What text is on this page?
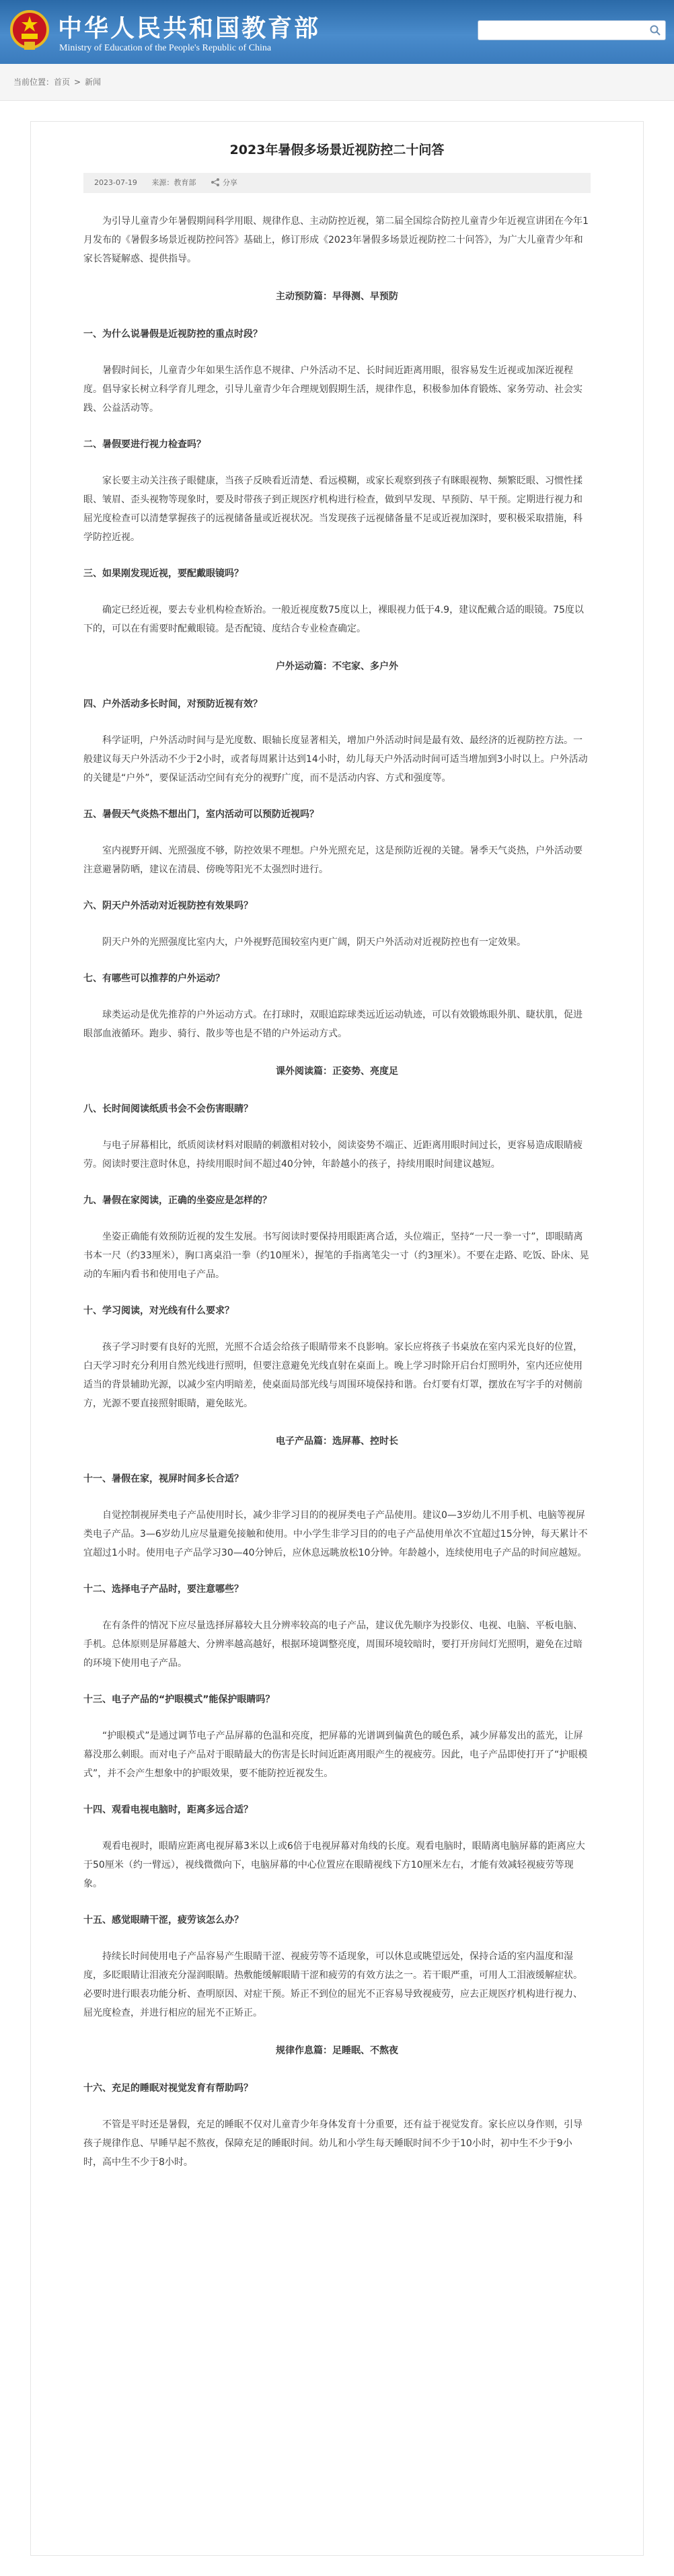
中华人民共和国教育部
Ministry of Education of the People's Republic of China
当前位置：首页 > 新闻
2023年暑假多场景近视防控二十问答
2023-07-19 来源：教育部	分享

为引导儿童青少年暑假期间科学用眼、规律作息、主动防控近视，第二届全国综合防控儿童青少年近视宣讲团在今年1月发布的《暑假多场景近视防控问答》基础上，修订形成《2023年暑假多场景近视防控二十问答》，为广大儿童青少年和家长答疑解惑、提供指导。

主动预防篇：早得测、早预防

一、为什么说暑假是近视防控的重点时段？

暑假时间长，儿童青少年如果生活作息不规律、户外活动不足、长时间近距离用眼，很容易发生近视或加深近视程度。倡导家长树立科学育儿理念，引导儿童青少年合理规划假期生活，规律作息，积极参加体育锻炼、家务劳动、社会实践、公益活动等。

二、暑假要进行视力检查吗？

家长要主动关注孩子眼健康，当孩子反映看近清楚、看远模糊，或家长观察到孩子有眯眼视物、频繁眨眼、习惯性揉眼、皱眉、歪头视物等现象时，要及时带孩子到正规医疗机构进行检查，做到早发现、早预防、早干预。定期进行视力和屈光度检查可以清楚掌握孩子的远视储备量或近视状况。当发现孩子远视储备量不足或近视加深时，要积极采取措施，科学防控近视。

三、如果刚发现近视，要配戴眼镜吗？

确定已经近视，要去专业机构检查矫治。一般近视度数75度以上，裸眼视力低于4.9，建议配戴合适的眼镜。75度以下的，可以在有需要时配戴眼镜。是否配镜、度结合专业检查确定。

户外运动篇：不宅家、多户外

四、户外活动多长时间，对预防近视有效？

科学证明，户外活动时间与是光度数、眼轴长度显著相关，增加户外活动时间是最有效、最经济的近视防控方法。一般建议每天户外活动不少于2小时，或者每周累计达到14小时，幼儿每天户外活动时间可适当增加到3小时以上。户外活动的关键是“户外”，要保证活动空间有充分的视野广度，而不是活动内容、方式和强度等。

五、暑假天气炎热不想出门，室内活动可以预防近视吗？

室内视野开阔、光照强度不够，防控效果不理想。户外光照充足，这是预防近视的关键。暑季天气炎热，户外活动要注意避暑防晒，建议在清晨、傍晚等阳光不太强烈时进行。

六、阴天户外活动对近视防控有效果吗？

阴天户外的光照强度比室内大，户外视野范围较室内更广阔，阴天户外活动对近视防控也有一定效果。

七、有哪些可以推荐的户外运动？

球类运动是优先推荐的户外运动方式。在打球时，双眼追踪球类远近运动轨迹，可以有效锻炼眼外肌、睫状肌，促进眼部血液循环。跑步、骑行、散步等也是不错的户外运动方式。

课外阅读篇：正姿势、亮度足

八、长时间阅读纸质书会不会伤害眼睛？

与电子屏幕相比，纸质阅读材料对眼睛的刺激相对较小，阅读姿势不端正、近距离用眼时间过长，更容易造成眼睛疲劳。阅读时要注意时休息，持续用眼时间不超过40分钟，年龄越小的孩子，持续用眼时间建议越短。

九、暑假在家阅读，正确的坐姿应是怎样的？

坐姿正确能有效预防近视的发生发展。书写阅读时要保持用眼距离合适，头位端正，坚持“一尺一拳一寸”，即眼睛离书本一尺（约33厘米），胸口离桌沿一拳（约10厘米），握笔的手指离笔尖一寸（约3厘米）。不要在走路、吃饭、卧床、晃动的车厢内看书和使用电子产品。

十、学习阅读，对光线有什么要求？

孩子学习时要有良好的光照，光照不合适会给孩子眼睛带来不良影响。家长应将孩子书桌放在室内采光良好的位置，白天学习时充分利用自然光线进行照明，但要注意避免光线直射在桌面上。晚上学习时除开启台灯照明外，室内还应使用适当的背景辅助光源，以减少室内明暗差，使桌面局部光线与周围环境保持和谐。台灯要有灯罩，摆放在写字手的对侧前方，光源不要直接照射眼睛，避免眩光。

电子产品篇：选屏幕、控时长

十一、暑假在家，视屏时间多长合适？

自觉控制视屏类电子产品使用时长，减少非学习目的的视屏类电子产品使用。建议0—3岁幼儿不用手机、电脑等视屏类电子产品。3—6岁幼儿应尽量避免接触和使用。中小学生非学习目的的电子产品使用单次不宜超过15分钟，每天累计不宜超过1小时。使用电子产品学习30—40分钟后，应休息远眺放松10分钟。年龄越小，连续使用电子产品的时间应越短。

十二、选择电子产品时，要注意哪些？

在有条件的情况下应尽量选择屏幕较大且分辨率较高的电子产品，建议优先顺序为投影仪、电视、电脑、平板电脑、手机。总体原则是屏幕越大、分辨率越高越好，根据环境调整亮度，周围环境较暗时，要打开房间灯光照明，避免在过暗的环境下使用电子产品。

十三、电子产品的“护眼模式”能保护眼睛吗？

“护眼模式”是通过调节电子产品屏幕的色温和亮度，把屏幕的光谱调到偏黄色的暖色系，减少屏幕发出的蓝光，让屏幕没那么刺眼。而对电子产品对于眼睛最大的伤害是长时间近距离用眼产生的视疲劳。因此，电子产品即使打开了“护眼模式”，并不会产生想象中的护眼效果，要不能防控近视发生。

十四、观看电视电脑时，距离多远合适？

观看电视时，眼睛应距离电视屏幕3米以上或6倍于电视屏幕对角线的长度。观看电脑时，眼睛离电脑屏幕的距离应大于50厘米（约一臂远），视线微微向下，电脑屏幕的中心位置应在眼睛视线下方10厘米左右，才能有效减轻视疲劳等现象。

十五、感觉眼睛干涩，疲劳该怎么办？

持续长时间使用电子产品容易产生眼睛干涩、视疲劳等不适现象，可以休息或眺望远处，保持合适的室内温度和湿度，多眨眼睛让泪液充分湿润眼睛。热敷能缓解眼睛干涩和疲劳的有效方法之一。若干眼严重，可用人工泪液缓解症状。必要时进行眼表功能分析、查明原因、对症干预。矫正不到位的屈光不正容易导致视疲劳，应去正规医疗机构进行视力、屈光度检查，并进行相应的屈光不正矫正。

规律作息篇：足睡眠、不熬夜

十六、充足的睡眠对视觉发育有帮助吗？

不管是平时还是暑假，充足的睡眠不仅对儿童青少年身体发育十分重要，还有益于视觉发育。家长应以身作则，引导孩子规律作息、早睡早起不熬夜，保障充足的睡眠时间。幼儿和小学生每天睡眠时间不少于10小时，初中生不少于9小时，高中生不少于8小时。
